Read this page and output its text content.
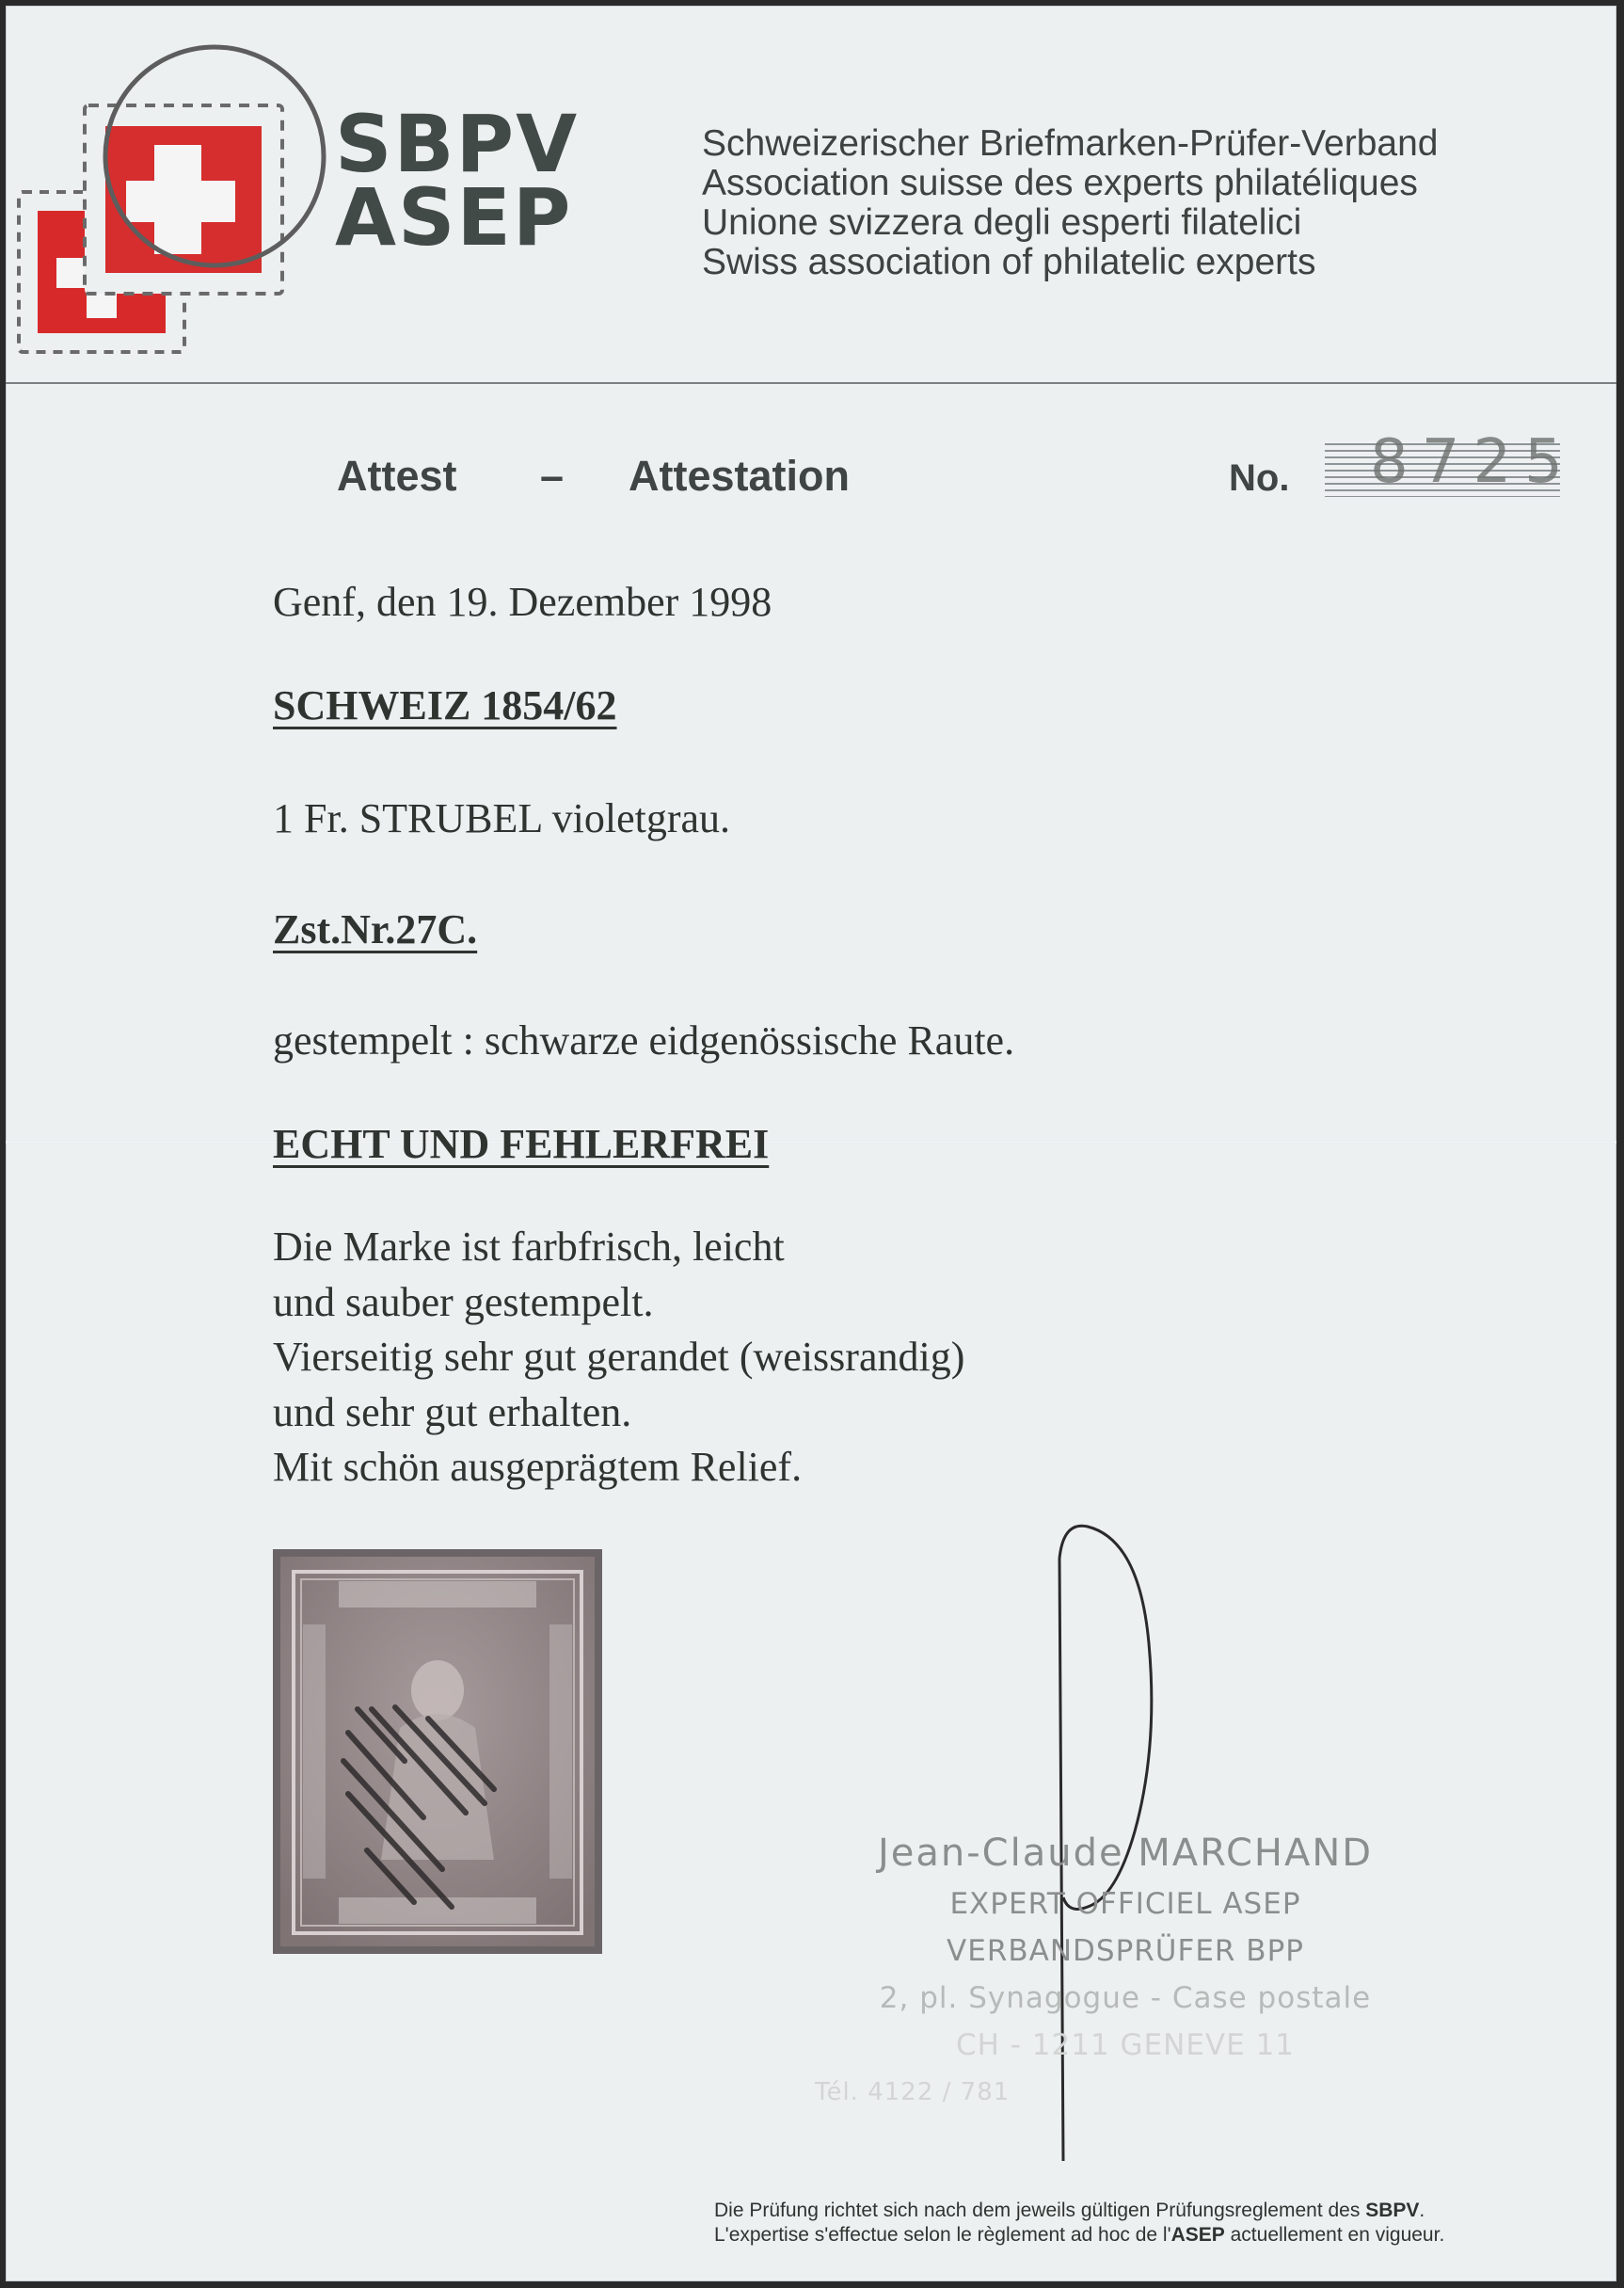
SBPV
ASEP
Schweizerischer Briefmarken-Prüfer-Verband
Association suisse des experts philatéliques
Unione svizzera degli esperti filatelici
Swiss association of philatelic experts
Attest – Attestation	No. 8725
Genf, den 19. Dezember 1998
SCHWEIZ 1854/62
1 Fr. STRUBEL violetgrau.
Zst.Nr.27C.
gestempelt : schwarze eidgenössische Raute.
ECHT UND FEHLERFREI
Die Marke ist farbfrisch, leicht
und sauber gestempelt.
Vierseitig sehr gut gerandet (weissrandig)
und sehr gut erhalten.
Mit schön ausgeprägtem Relief.
Jean-Claude MARCHAND
EXPERT OFFICIEL ASEP
VERBANDSPRÜFER BPP
2, pl. Synagogue - Case postale
CH - 1211 GENEVE 11
Tél. 4122 / 781
Die Prüfung richtet sich nach dem jeweils gültigen Prüfungsreglement des SBPV.
L'expertise s'effectue selon le règlement ad hoc de l'ASEP actuellement en vigueur.
